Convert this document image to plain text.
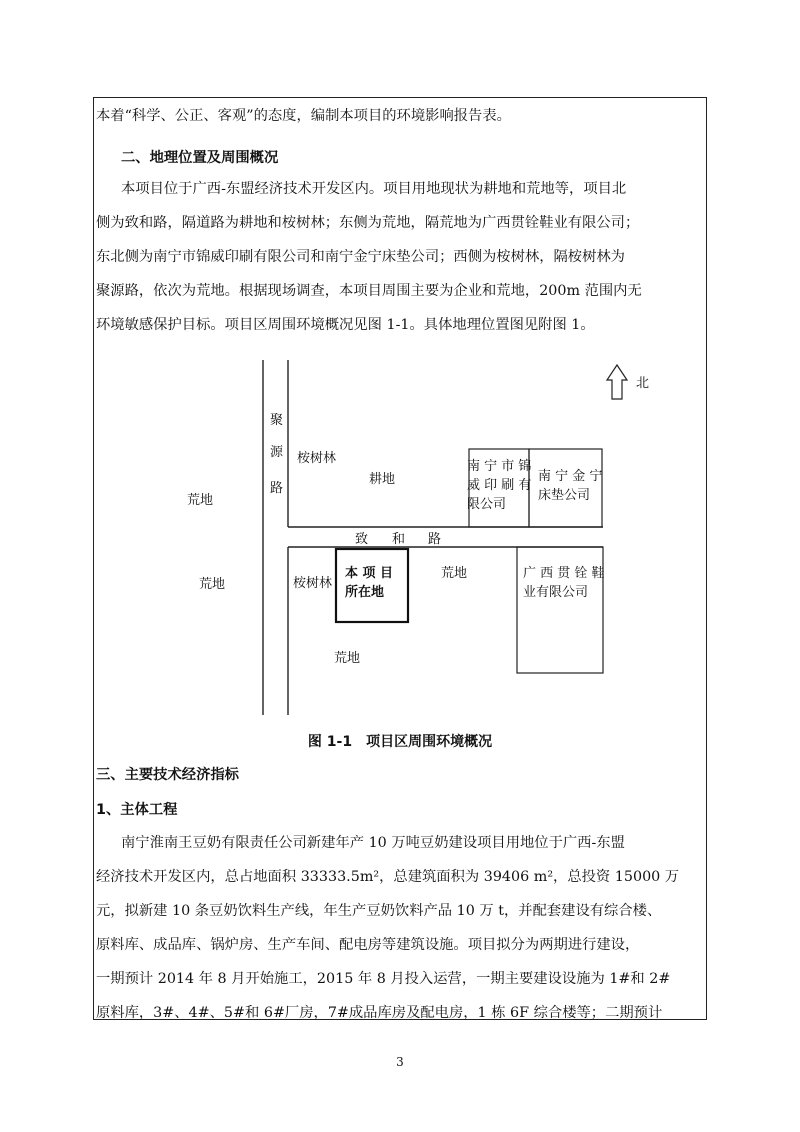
本着“科学、公正、客观”的态度，编制本项目的环境影响报告表。
二、地理位置及周围概况
本项目位于广西-东盟经济技术开发区内。项目用地现状为耕地和荒地等，项目北
侧为致和路，隔道路为耕地和桉树林；东侧为荒地，隔荒地为广西贯铨鞋业有限公司；
东北侧为南宁市锦威印刷有限公司和南宁金宁床垫公司；西侧为桉树林，隔桉树林为
聚源路，依次为荒地。根据现场调查，本项目周围主要为企业和荒地，200m 范围内无
环境敏感保护目标。项目区周围环境概况见图 1-1。具体地理位置图见附图 1。
北
聚
源
路
致 和 路
荒地
荒地
桉树林
耕地
南 宁 市 锦
威 印 刷 有
限公司
南 宁 金 宁
床垫公司
桉树林
本 项 目
所在地
荒地	广 西 贯 铨 鞋
业有限公司
荒地
图 1-1　项目区周围环境概况
三、主要技术经济指标
1、主体工程
南宁淮南王豆奶有限责任公司新建年产 10 万吨豆奶建设项目用地位于广西-东盟
经济技术开发区内，总占地面积 33333.5m²，总建筑面积为 39406 m²，总投资 15000 万
元，拟新建 10 条豆奶饮料生产线，年生产豆奶饮料产品 10 万 t，并配套建设有综合楼、
原料库、成品库、锅炉房、生产车间、配电房等建筑设施。项目拟分为两期进行建设，
一期预计 2014 年 8 月开始施工，2015 年 8 月投入运营，一期主要建设设施为 1#和 2#
原料库，3#、4#、5#和 6#厂房，7#成品库房及配电房，1 栋 6F 综合楼等；二期预计
3
